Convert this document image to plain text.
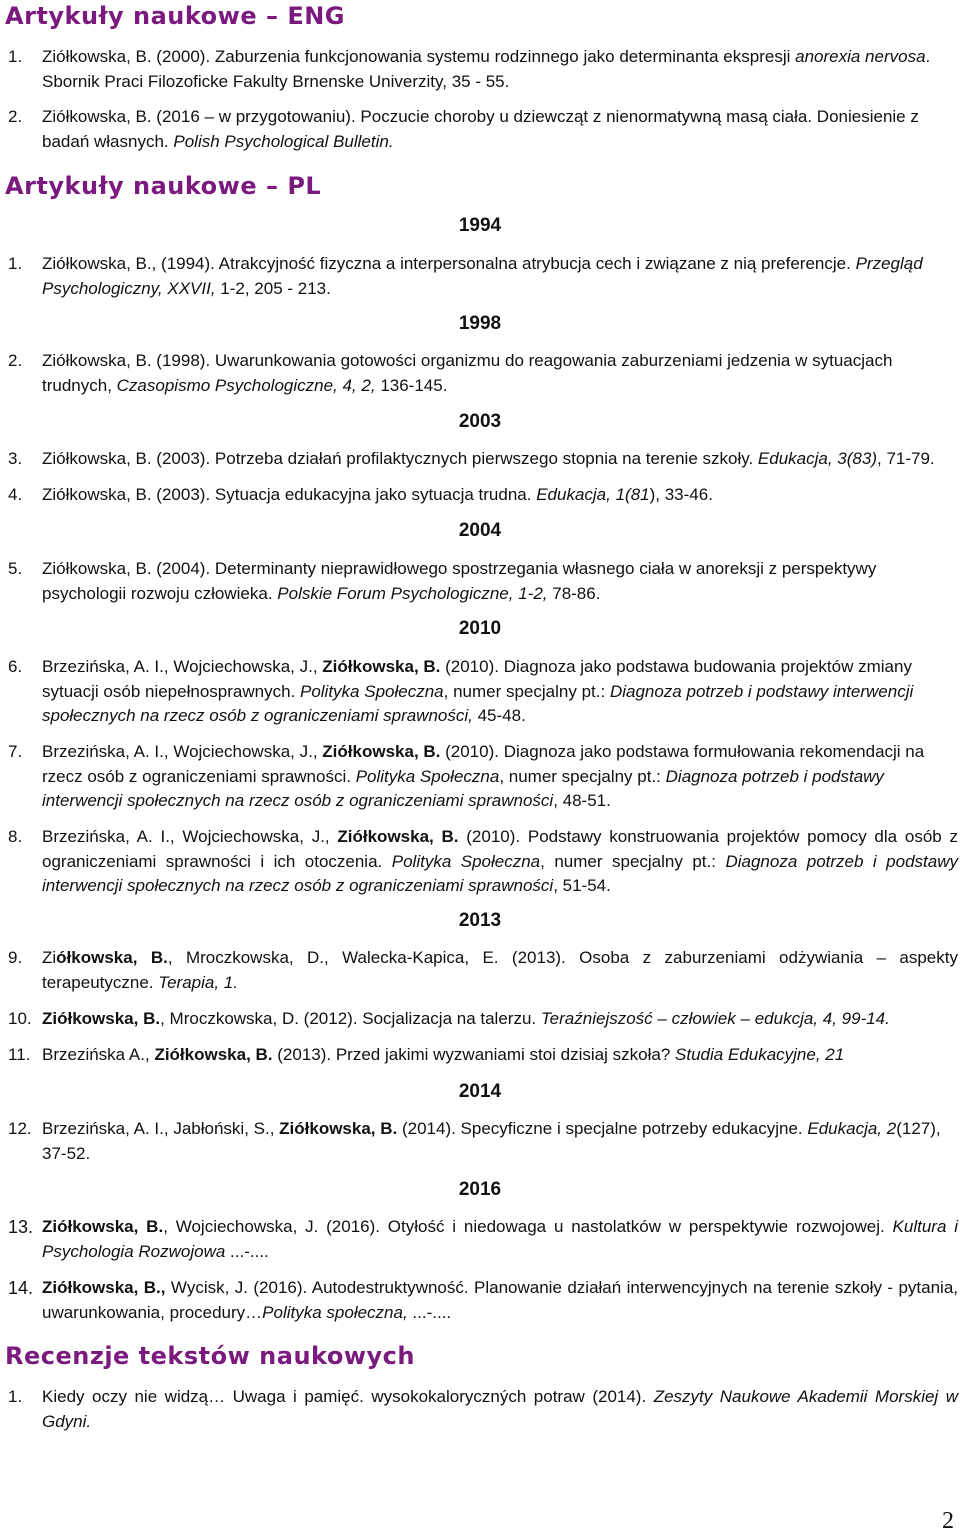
Artykuły naukowe – ENG
1. Ziółkowska, B. (2000). Zaburzenia funkcjonowania systemu rodzinnego jako determinanta ekspresji anorexia nervosa. Sbornik Praci Filozoficke Fakulty Brnenske Univerzity, 35 - 55.
2. Ziółkowska, B. (2016 – w przygotowaniu). Poczucie choroby u dziewcząt z nienormatywną masą ciała. Doniesienie z badań własnych. Polish Psychological Bulletin.
Artykuły naukowe – PL
1994
1. Ziółkowska, B., (1994). Atrakcyjność fizyczna a interpersonalna atrybucja cech i związane z nią preferencje. Przegląd Psychologiczny, XXVII, 1-2, 205 - 213.
1998
2. Ziółkowska, B. (1998). Uwarunkowania gotowości organizmu do reagowania zaburzeniami jedzenia w sytuacjach trudnych, Czasopismo Psychologiczne, 4, 2, 136-145.
2003
3. Ziółkowska, B. (2003). Potrzeba działań profilaktycznych pierwszego stopnia na terenie szkoły. Edukacja, 3(83), 71-79.
4. Ziółkowska, B. (2003). Sytuacja edukacyjna jako sytuacja trudna. Edukacja, 1(81), 33-46.
2004
5. Ziółkowska, B. (2004). Determinanty nieprawidłowego spostrzegania własnego ciała w anoreksji z perspektywy psychologii rozwoju człowieka. Polskie Forum Psychologiczne, 1-2, 78-86.
2010
6. Brzezińska, A. I., Wojciechowska, J., Ziółkowska, B. (2010). Diagnoza jako podstawa budowania projektów zmiany sytuacji osób niepełnosprawnych. Polityka Społeczna, numer specjalny pt.: Diagnoza potrzeb i podstawy interwencji społecznych na rzecz osób z ograniczeniami sprawności, 45-48.
7. Brzezińska, A. I., Wojciechowska, J., Ziółkowska, B. (2010). Diagnoza jako podstawa formułowania rekomendacji na rzecz osób z ograniczeniami sprawności. Polityka Społeczna, numer specjalny pt.: Diagnoza potrzeb i podstawy interwencji społecznych na rzecz osób z ograniczeniami sprawności, 48-51.
8. Brzezińska, A. I., Wojciechowska, J., Ziółkowska, B. (2010). Podstawy konstruowania projektów pomocy dla osób z ograniczeniami sprawności i ich otoczenia. Polityka Społeczna, numer specjalny pt.: Diagnoza potrzeb i podstawy interwencji społecznych na rzecz osób z ograniczeniami sprawności, 51-54.
2013
9. Ziółkowska, B., Mroczkowska, D., Walecka-Kapica, E. (2013). Osoba z zaburzeniami odżywiania – aspekty terapeutyczne. Terapia, 1.
10. Ziółkowska, B., Mroczkowska, D. (2012). Socjalizacja na talerzu. Teraźniejszość – człowiek – edukcja, 4, 99-14.
11. Brzezińska A., Ziółkowska, B. (2013). Przed jakimi wyzwaniami stoi dzisiaj szkoła? Studia Edukacyjne, 21
2014
12. Brzezińska, A. I., Jabłoński, S., Ziółkowska, B. (2014). Specyficzne i specjalne potrzeby edukacyjne. Edukacja, 2(127), 37-52.
2016
13. Ziółkowska, B., Wojciechowska, J. (2016). Otyłość i niedowaga u nastolatków w perspektywie rozwojowej. Kultura i Psychologia Rozwojowa ...-....
14. Ziółkowska, B., Wycisk, J. (2016). Autodestruktywność. Planowanie działań interwencyjnych na terenie szkoły - pytania, uwarunkowania, procedury…Polityka społeczna, ...-....
Recenzje tekstów naukowych
1. Kiedy oczy nie widzą… Uwaga i pamięć. wysokokaloryczných potraw (2014). Zeszyty Naukowe Akademii Morskiej w Gdyni.
2
